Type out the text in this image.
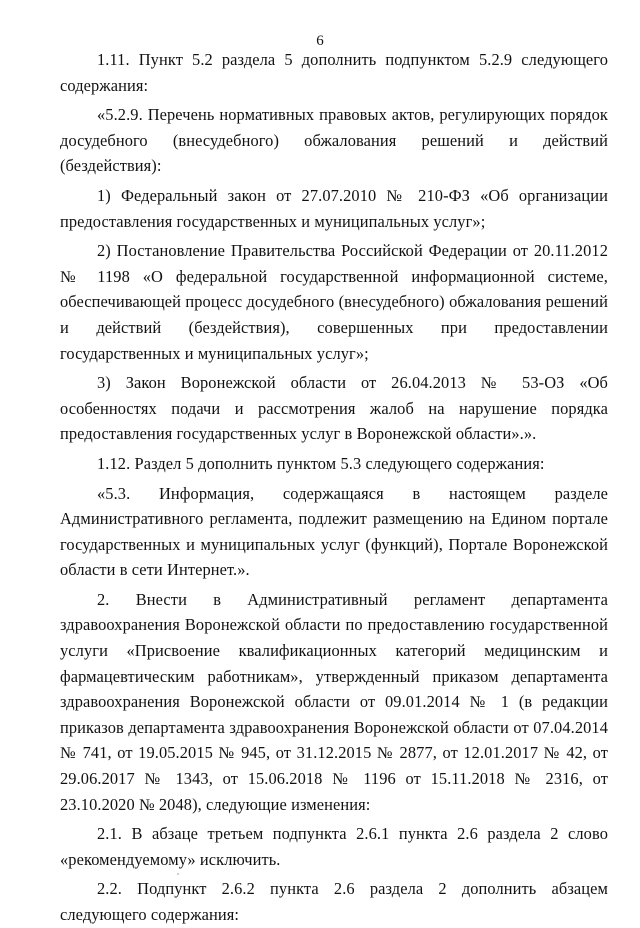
6

1.11. Пункт 5.2 раздела 5 дополнить подпунктом 5.2.9 следующего содержания:

«5.2.9. Перечень нормативных правовых актов, регулирующих порядок досудебного (внесудебного) обжалования решений и действий (бездействия):

1) Федеральный закон от 27.07.2010 № 210-ФЗ «Об организации предоставления государственных и муниципальных услуг»;

2) Постановление Правительства Российской Федерации от 20.11.2012 № 1198 «О федеральной государственной информационной системе, обеспечивающей процесс досудебного (внесудебного) обжалования решений и действий (бездействия), совершенных при предоставлении государственных и муниципальных услуг»;

3) Закон Воронежской области от 26.04.2013 № 53-ОЗ «Об особенностях подачи и рассмотрения жалоб на нарушение порядка предоставления государственных услуг в Воронежской области».».

1.12. Раздел 5 дополнить пунктом 5.3 следующего содержания:

«5.3. Информация, содержащаяся в настоящем разделе Административного регламента, подлежит размещению на Едином портале государственных и муниципальных услуг (функций), Портале Воронежской области в сети Интернет.».

2. Внести в Административный регламент департамента здравоохранения Воронежской области по предоставлению государственной услуги «Присвоение квалификационных категорий медицинским и фармацевтическим работникам», утвержденный приказом департамента здравоохранения Воронежской области от 09.01.2014 № 1 (в редакции приказов департамента здравоохранения Воронежской области от 07.04.2014 № 741, от 19.05.2015 № 945, от 31.12.2015 № 2877, от 12.01.2017 № 42, от 29.06.2017 № 1343, от 15.06.2018 № 1196 от 15.11.2018 № 2316, от 23.10.2020 № 2048), следующие изменения:

2.1. В абзаце третьем подпункта 2.6.1 пункта 2.6 раздела 2 слово «рекомендуемому» исключить.

2.2. Подпункт 2.6.2 пункта 2.6 раздела 2 дополнить абзацем следующего содержания:
